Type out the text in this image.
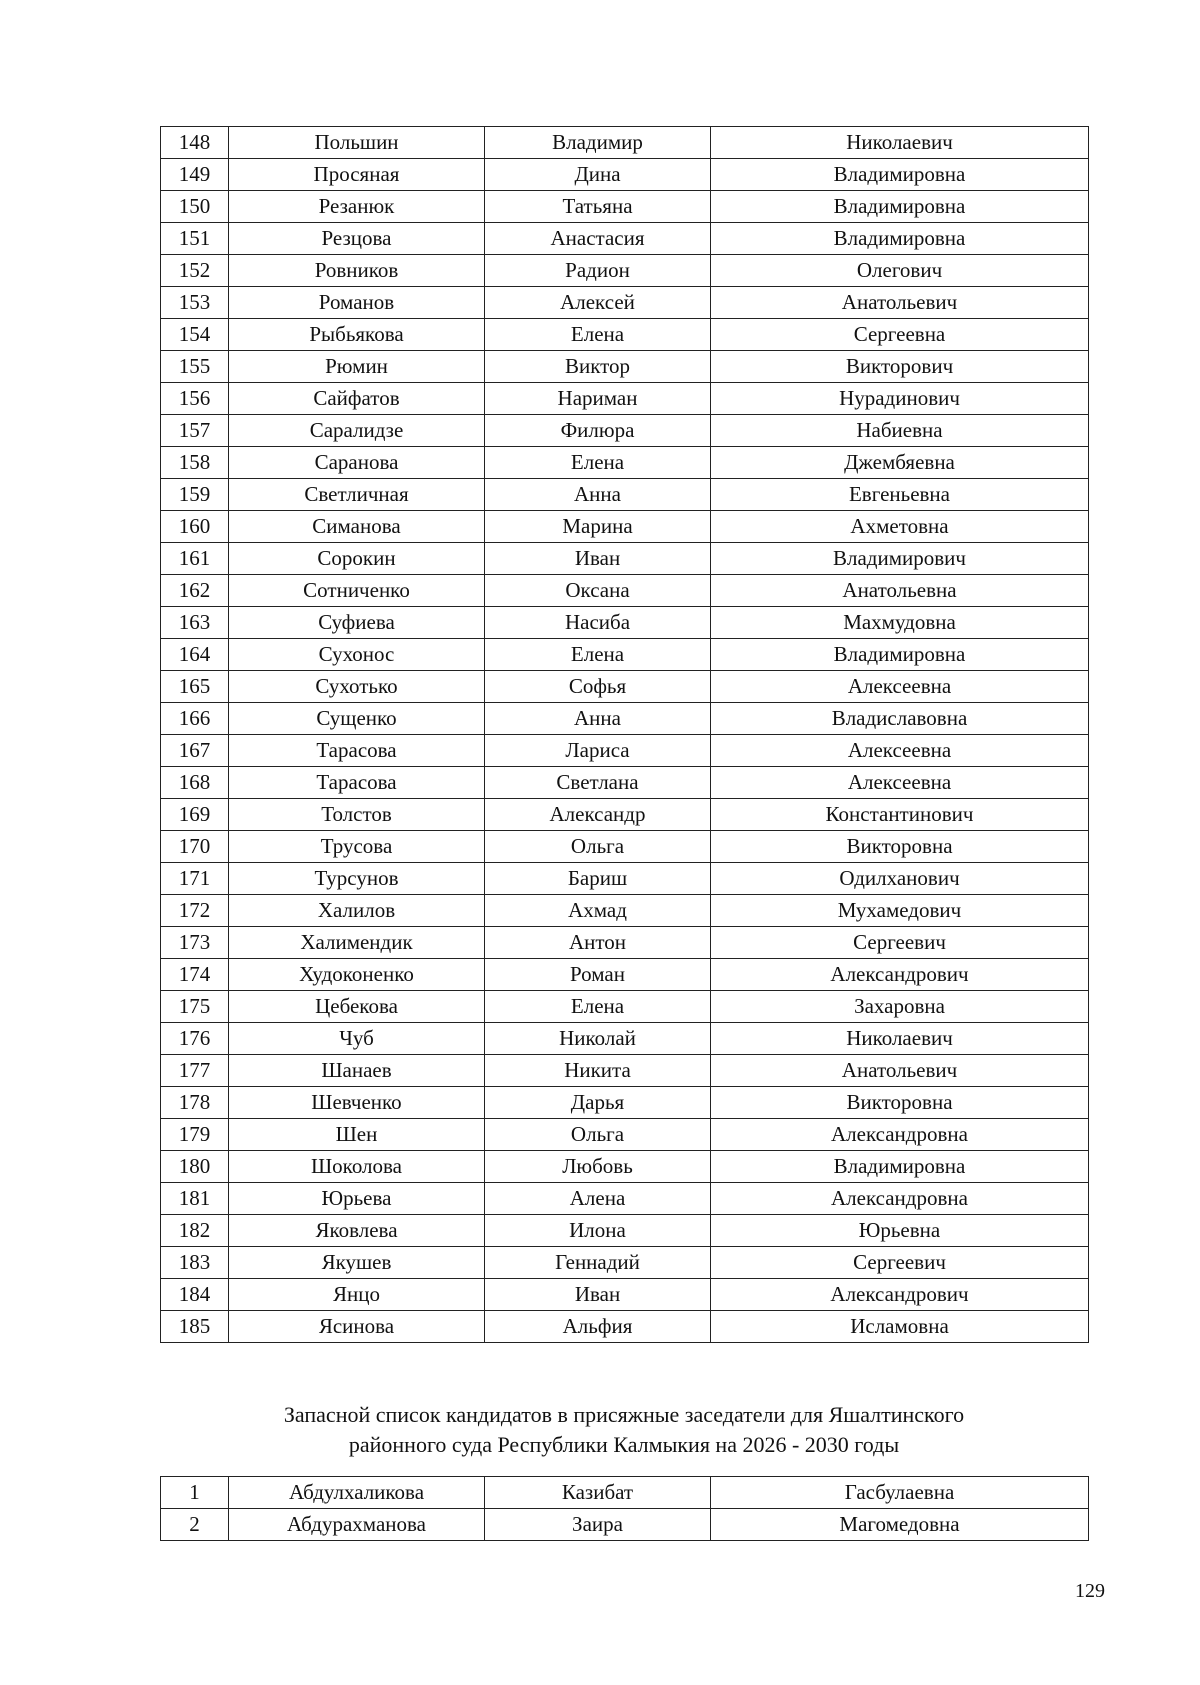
148	Польшин	Владимир	Николаевич
149	Просяная	Дина	Владимировна
150	Резанюк	Татьяна	Владимировна
151	Резцова	Анастасия	Владимировна
152	Ровников	Радион	Олегович
153	Романов	Алексей	Анатольевич
154	Рыбьякова	Елена	Сергеевна
155	Рюмин	Виктор	Викторович
156	Сайфатов	Нариман	Нурадинович
157	Саралидзе	Филюра	Набиевна
158	Саранова	Елена	Джембяевна
159	Светличная	Анна	Евгеньевна
160	Симанова	Марина	Ахметовна
161	Сорокин	Иван	Владимирович
162	Сотниченко	Оксана	Анатольевна
163	Суфиева	Насиба	Махмудовна
164	Сухонос	Елена	Владимировна
165	Сухотько	Софья	Алексеевна
166	Сущенко	Анна	Владиславовна
167	Тарасова	Лариса	Алексеевна
168	Тарасова	Светлана	Алексеевна
169	Толстов	Александр	Константинович
170	Трусова	Ольга	Викторовна
171	Турсунов	Бариш	Одилханович
172	Халилов	Ахмад	Мухамедович
173	Халимендик	Антон	Сергеевич
174	Худоконенко	Роман	Александрович
175	Цебекова	Елена	Захаровна
176	Чуб	Николай	Николаевич
177	Шанаев	Никита	Анатольевич
178	Шевченко	Дарья	Викторовна
179	Шен	Ольга	Александровна
180	Шоколова	Любовь	Владимировна
181	Юрьева	Алена	Александровна
182	Яковлева	Илона	Юрьевна
183	Якушев	Геннадий	Сергеевич
184	Янцо	Иван	Александрович
185	Ясинова	Альфия	Исламовна
Запасной список кандидатов в присяжные заседатели для Яшалтинского
районного суда Республики Калмыкия на 2026 - 2030 годы
1	Абдулхаликова	Казибат	Гасбулаевна
2	Абдурахманова	Заира	Магомедовна
129
